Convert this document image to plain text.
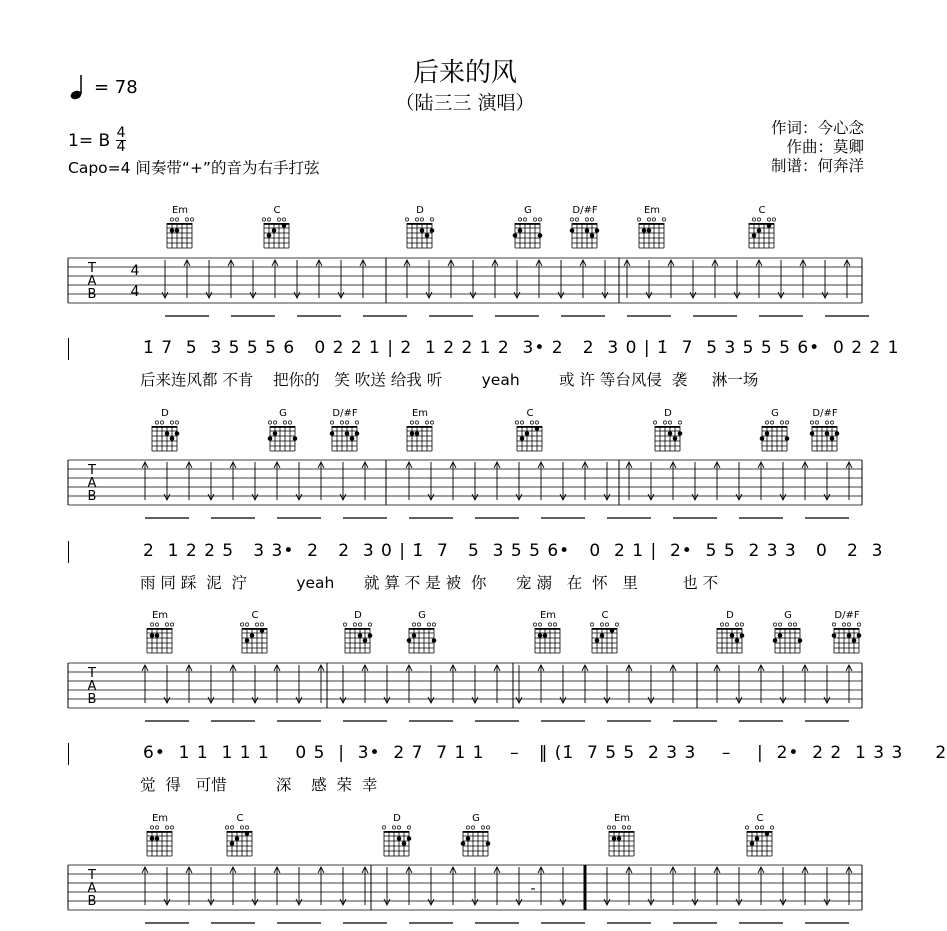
后来的风
（陆三三 演唱）
= 78
1= B $\frac{4}{4}$
Capo=4 间奏带“+”的音为右手打弦
作词：今心念
作曲：莫卿
制谱：何奔洋
Em	C	D	G	D/#F	Em	C
T
A
B
4
4
1̇ 7  5  3 5 5 5 6   0 2 2 1 | 2  1 2 2 1 2  3• 2   2  3 0 | 1̇  7  5 3 5 5 5 6•  0 2 2 1
后来连风都 不肯    把你的   笑 吹送 给我 听        yeah        或 许 等台风侵  袭     淋一场
D	G	D/#F	Em	C	D	G	D/#F
T
A
B
2  1 2 2 5   3 3•  2   2  3 0 | 1̇  7   5  3 5 5 6•   0  2 1 |  2•  5 5  2 3 3   0   2  3
雨 同 踩  泥  泞          yeah      就 算 不 是 被  你      宠 溺   在  怀   里         也 不
Em	C	D	G	Em	C	D	G	D/#F
T
A
B
6•  1 1  1 1 1    0 5  |  3•  2 7  7 1 1    –   ‖ (1̇  7 5 5  2 3 3    –    |  2•  2 2  1 3 3     2
觉  得   可惜          深    感  荣  幸
Em	C	D	G	Em	C
T
A
B
-
